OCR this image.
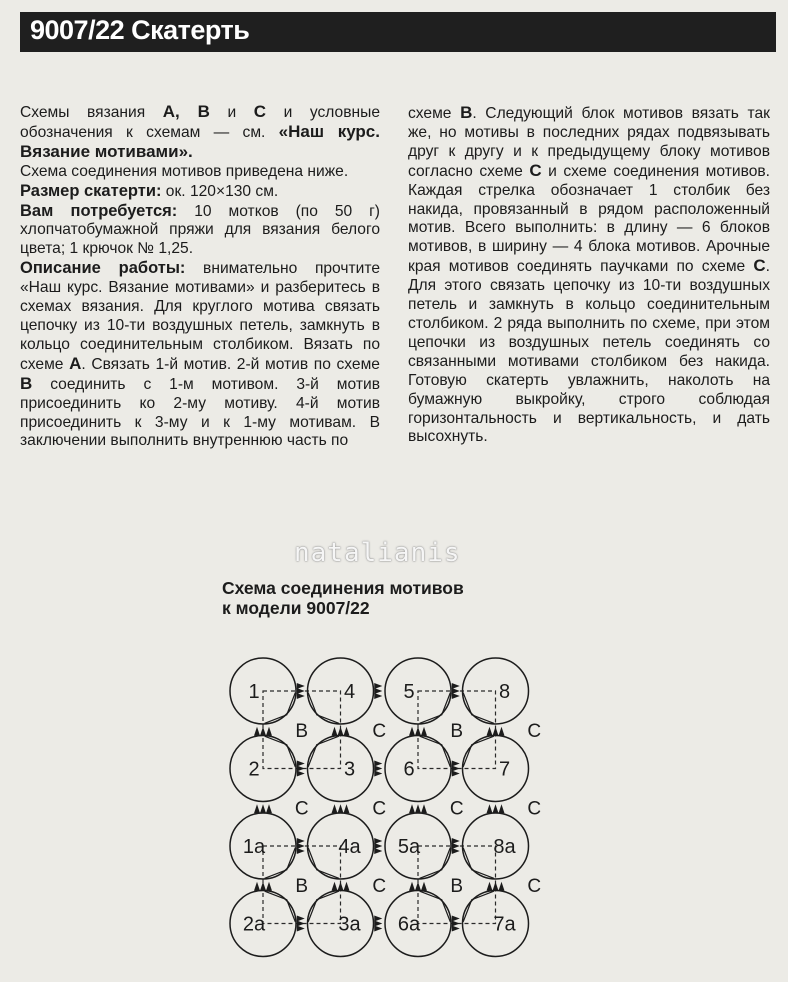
9007/22 Скатерть

Схемы вязания А, В и С и условные обозначения к схемам — см. «Наш курс. Вязание мотивами».

Схема соединения мотивов приведена ниже.

Размер скатерти: ок. 120×130 см.

Вам потребуется: 10 мотков (по 50 г) хлопчатобумажной пряжи для вязания белого цвета; 1 крючок № 1,25.

Описание работы: внимательно прочтите «Наш курс. Вязание мотивами» и разберитесь в схемах вязания. Для круглого мотива связать цепочку из 10-ти воздушных петель, замкнуть в кольцо соединительным столбиком. Вязать по схеме А. Связать 1-й мотив. 2-й мотив по схеме В соединить с 1-м мотивом. 3-й мотив присоединить ко 2-му мотиву. 4-й мотив присоединить к 3-му и к 1-му мотивам. В заключении выполнить внутреннюю часть по

схеме В. Следующий блок мотивов вязать так же, но мотивы в последних рядах подвязывать друг к другу и к предыдущему блоку мотивов согласно схеме С и схеме соединения мотивов. Каждая стрелка обозначает 1 столбик без накида, провязанный в рядом расположенный мотив. Всего выполнить: в длину — 6 блоков мотивов, в ширину — 4 блока мотивов. Арочные края мотивов соединять паучками по схеме С. Для этого связать цепочку из 10-ти воздушных петель и замкнуть в кольцо соединительным столбиком. 2 ряда выполнить по схеме, при этом цепочки из воздушных петель соединять со связанными мотивами столбиком без накида. Готовую скатерть увлажнить, наколоть на бумажную выкройку, строго соблюдая горизонтальность и вертикальность, и дать высохнуть.

natalianis
Схема соединения мотивов
к модели 9007/22
1	4 5	8
2	3 6	7
1а	4а 5а	8а
2а	3а 6а	7а
B	C	B	C
C	C	C	C
B	C	B	C
